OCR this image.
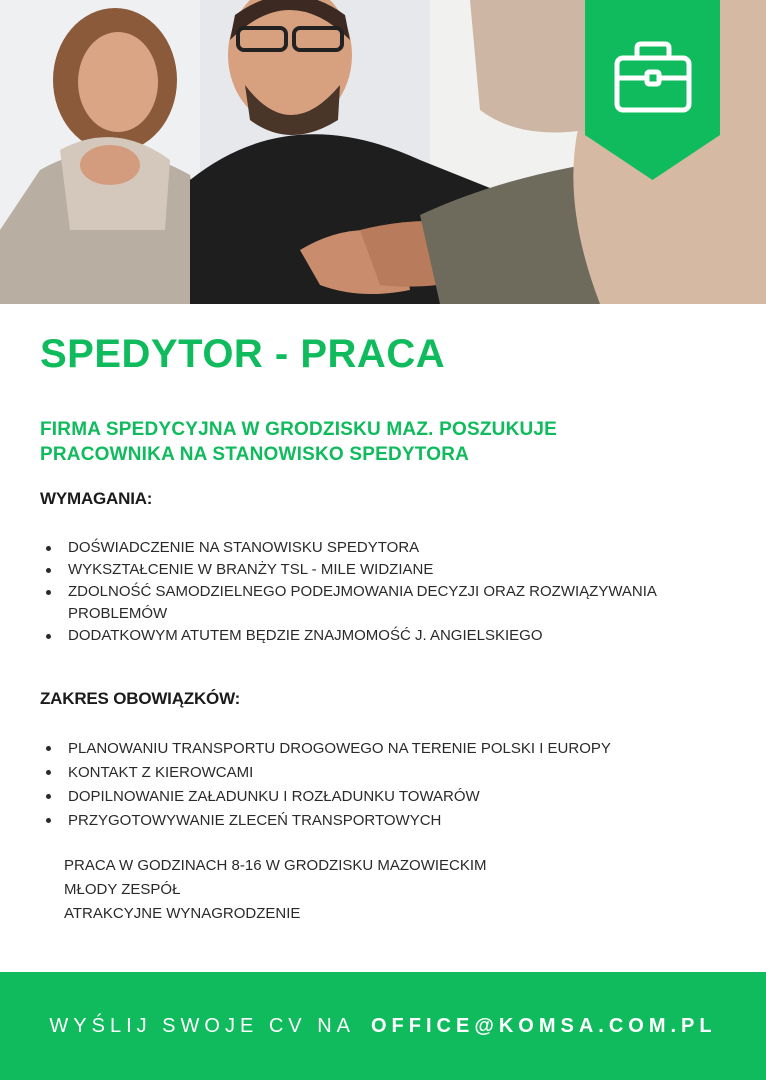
SPEDYTOR - PRACA
FIRMA SPEDYCYJNA W GRODZISKU MAZ. POSZUKUJE
PRACOWNIKA NA STANOWISKO SPEDYTORA
WYMAGANIA:
DOŚWIADCZENIE NA STANOWISKU SPEDYTORA
WYKSZTAŁCENIE W BRANŻY TSL - MILE WIDZIANE
ZDOLNOŚĆ SAMODZIELNEGO PODEJMOWANIA DECYZJI ORAZ ROZWIĄZYWANIA PROBLEMÓW
DODATKOWYM ATUTEM BĘDZIE ZNAJMOMOŚĆ J. ANGIELSKIEGO
ZAKRES OBOWIĄZKÓW:
PLANOWANIU TRANSPORTU DROGOWEGO NA TERENIE POLSKI I EUROPY
KONTAKT Z KIEROWCAMI
DOPILNOWANIE ZAŁADUNKU I ROZŁADUNKU TOWARÓW
PRZYGOTOWYWANIE ZLECEŃ TRANSPORTOWYCH
PRACA W GODZINACH 8-16 W GRODZISKU MAZOWIECKIM
MŁODY ZESPÓŁ
ATRAKCYJNE WYNAGRODZENIE
WYŚLIJ SWOJE CV NA OFFICE@KOMSA.COM.PL
